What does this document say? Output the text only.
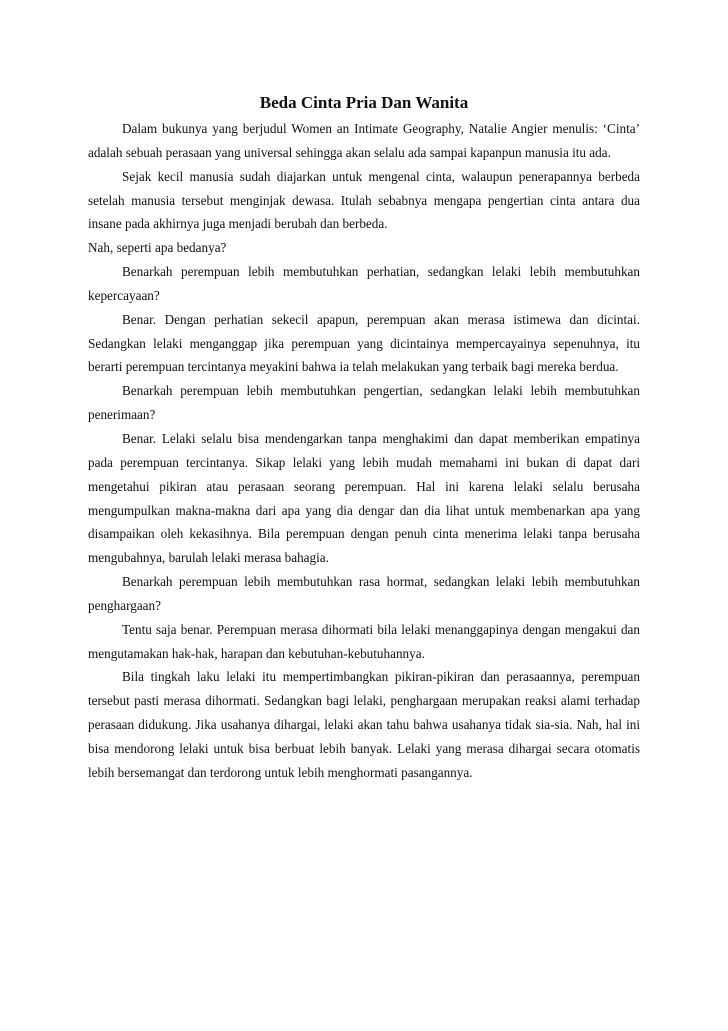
Beda Cinta Pria Dan Wanita

Dalam bukunya yang berjudul Women an Intimate Geography, Natalie Angier menulis: ‘Cinta’ adalah sebuah perasaan yang universal sehingga akan selalu ada sampai kapanpun manusia itu ada.

Sejak kecil manusia sudah diajarkan untuk mengenal cinta, walaupun penerapannya berbeda setelah manusia tersebut menginjak dewasa. Itulah sebabnya mengapa pengertian cinta antara dua insane pada akhirnya juga menjadi berubah dan berbeda.

Nah, seperti apa bedanya?

Benarkah perempuan lebih membutuhkan perhatian, sedangkan lelaki lebih membutuhkan kepercayaan?

Benar. Dengan perhatian sekecil apapun, perempuan akan merasa istimewa dan dicintai. Sedangkan lelaki menganggap jika perempuan yang dicintainya mempercayainya sepenuhnya, itu berarti perempuan tercintanya meyakini bahwa ia telah melakukan yang terbaik bagi mereka berdua.

Benarkah perempuan lebih membutuhkan pengertian, sedangkan lelaki lebih membutuhkan penerimaan?

Benar. Lelaki selalu bisa mendengarkan tanpa menghakimi dan dapat memberikan empatinya pada perempuan tercintanya. Sikap lelaki yang lebih mudah memahami ini bukan di dapat dari mengetahui pikiran atau perasaan seorang perempuan. Hal ini karena lelaki selalu berusaha mengumpulkan makna-makna dari apa yang dia dengar dan dia lihat untuk membenarkan apa yang disampaikan oleh kekasihnya. Bila perempuan dengan penuh cinta menerima lelaki tanpa berusaha mengubahnya, barulah lelaki merasa bahagia.

Benarkah perempuan lebih membutuhkan rasa hormat, sedangkan lelaki lebih membutuhkan penghargaan?

Tentu saja benar. Perempuan merasa dihormati bila lelaki menanggapinya dengan mengakui dan mengutamakan hak-hak, harapan dan kebutuhan-kebutuhannya.

Bila tingkah laku lelaki itu mempertimbangkan pikiran-pikiran dan perasaannya, perempuan tersebut pasti merasa dihormati. Sedangkan bagi lelaki, penghargaan merupakan reaksi alami terhadap perasaan didukung. Jika usahanya dihargai, lelaki akan tahu bahwa usahanya tidak sia-sia. Nah, hal ini bisa mendorong lelaki untuk bisa berbuat lebih banyak. Lelaki yang merasa dihargai secara otomatis lebih bersemangat dan terdorong untuk lebih menghormati pasangannya.
